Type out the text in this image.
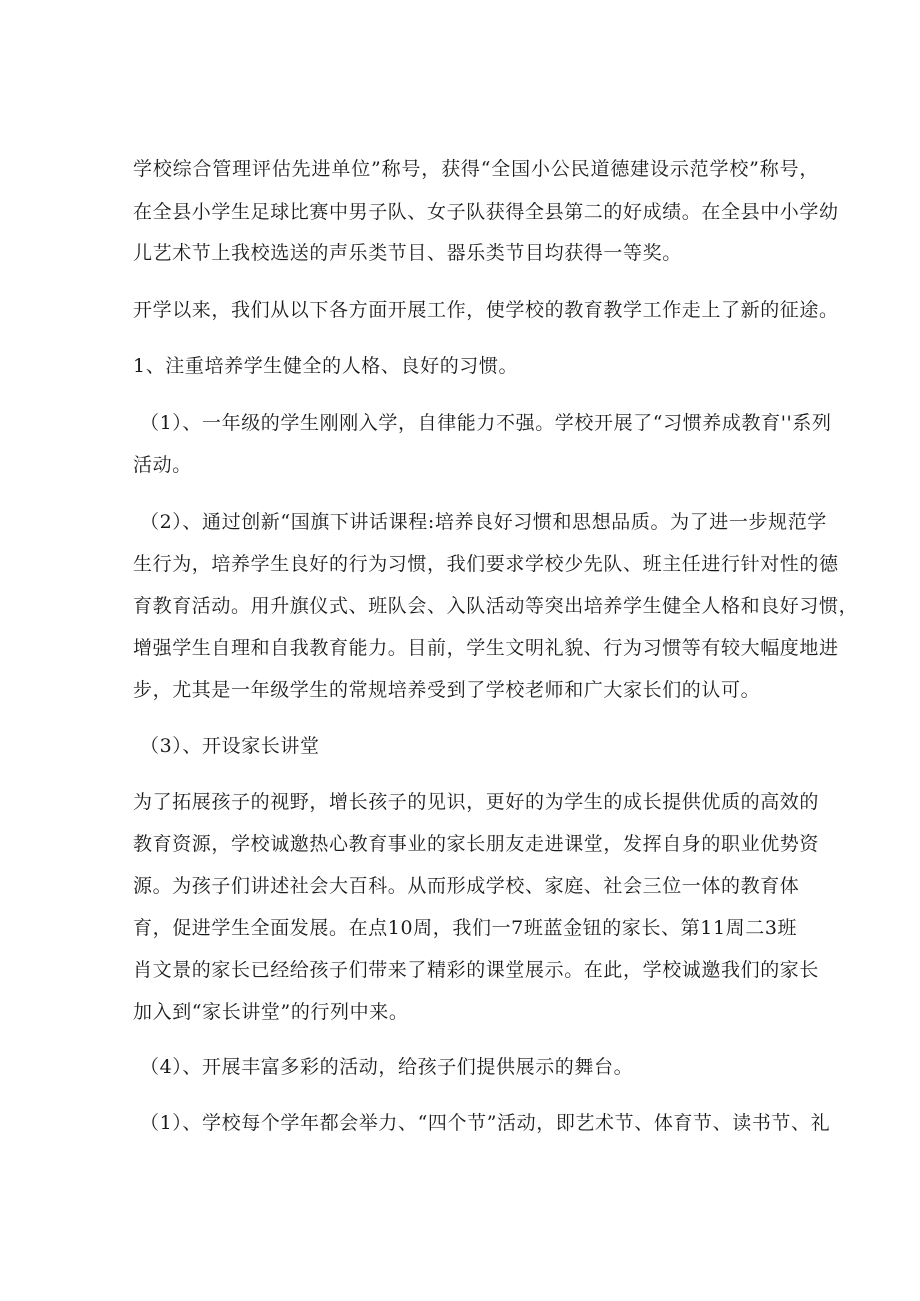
学校综合管理评估先进单位”称号，获得“全国小公民道德建设示范学校”称号，
在全县小学生足球比赛中男子队、女子队获得全县第二的好成绩。在全县中小学幼
儿艺术节上我校选送的声乐类节目、器乐类节目均获得一等奖。
开学以来，我们从以下各方面开展工作，使学校的教育教学工作走上了新的征途。
1、注重培养学生健全的人格、良好的习惯。
（1）、一年级的学生刚刚入学，自律能力不强。学校开展了“习惯养成教育''系列
活动。
（2）、通过创新“国旗下讲话课程:培养良好习惯和思想品质。为了进一步规范学
生行为，培养学生良好的行为习惯，我们要求学校少先队、班主任进行针对性的德
育教育活动。用升旗仪式、班队会、入队活动等突出培养学生健全人格和良好习惯，
增强学生自理和自我教育能力。目前，学生文明礼貌、行为习惯等有较大幅度地进
步，尤其是一年级学生的常规培养受到了学校老师和广大家长们的认可。
（3）、开设家长讲堂
为了拓展孩子的视野，增长孩子的见识，更好的为学生的成长提供优质的高效的
教育资源，学校诚邀热心教育事业的家长朋友走进课堂，发挥自身的职业优势资
源。为孩子们讲述社会大百科。从而形成学校、家庭、社会三位一体的教育体
育，促进学生全面发展。在点10周，我们一7班蓝金钮的家长、第11周二3班
肖文景的家长已经给孩子们带来了精彩的课堂展示。在此，学校诚邀我们的家长
加入到“家长讲堂”的行列中来。
（4）、开展丰富多彩的活动，给孩子们提供展示的舞台。
（1）、学校每个学年都会举力、“四个节”活动，即艺术节、体育节、读书节、礼
